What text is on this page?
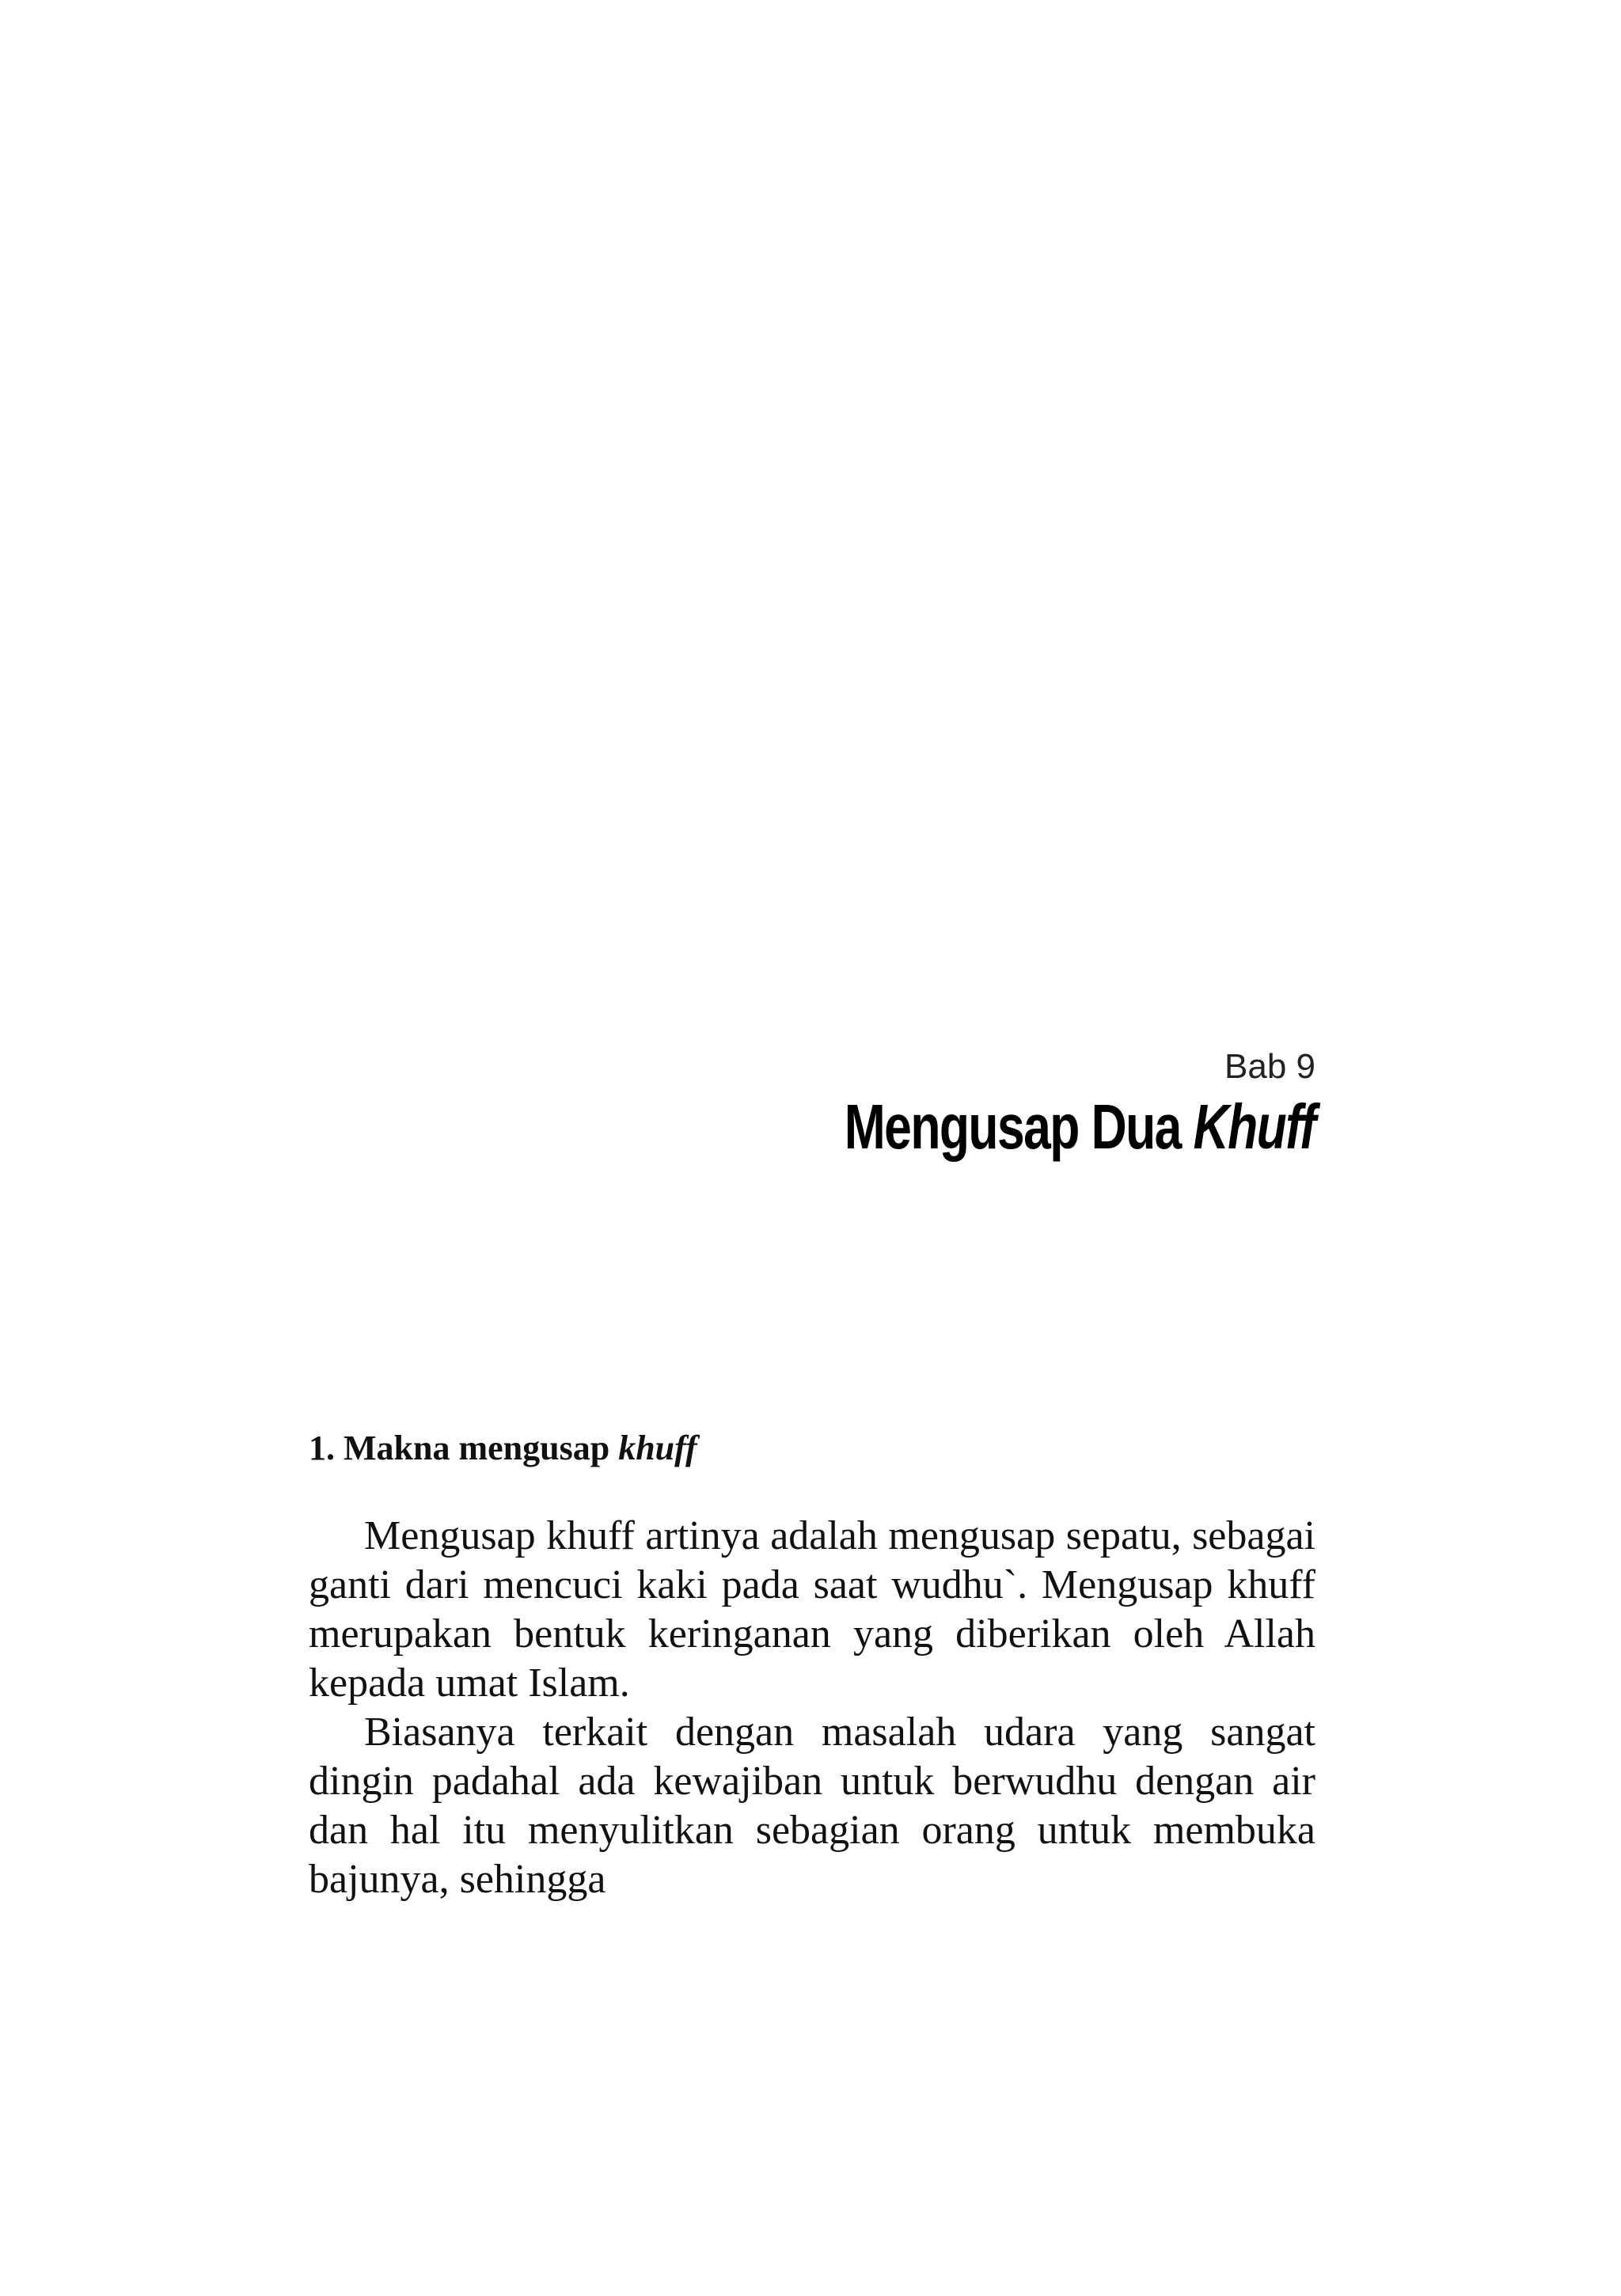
Bab 9
Mengusap Dua Khuff
1. Makna mengusap khuff

Mengusap khuff artinya adalah mengusap sepatu, sebagai ganti dari mencuci kaki pada saat wudhu`. Mengusap khuff merupakan bentuk keringanan yang diberikan oleh Allah kepada umat Islam.

Biasanya terkait dengan masalah udara yang sangat dingin padahal ada kewajiban untuk berwudhu dengan air dan hal itu menyulitkan sebagian orang untuk membuka bajunya, sehingga
